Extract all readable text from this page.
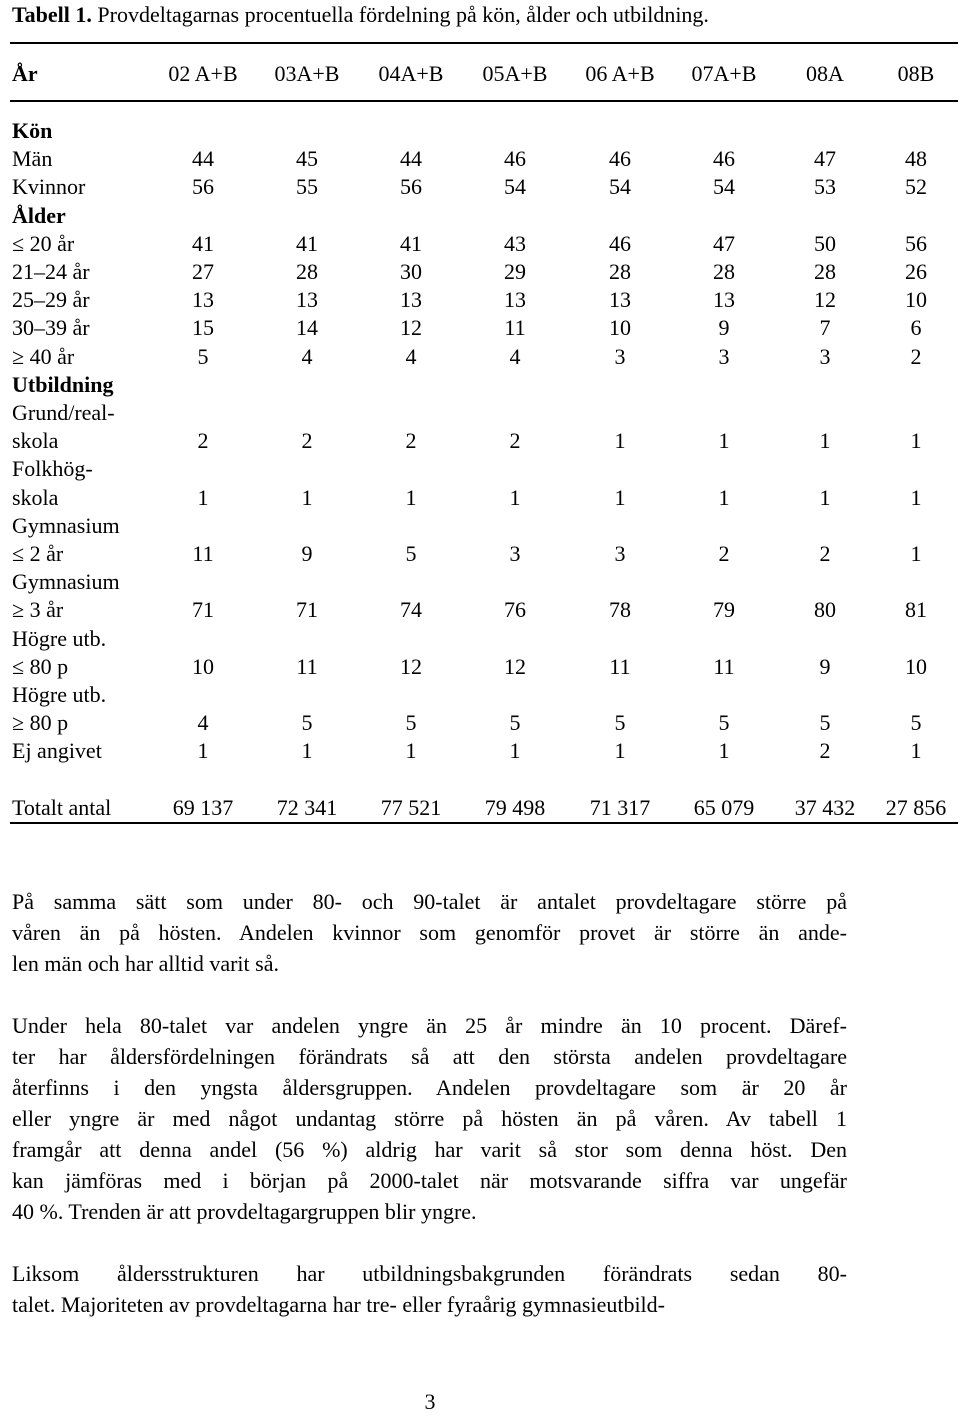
Tabell 1. Provdeltagarnas procentuella fördelning på kön, ålder och utbildning.
År	02 A+B	03A+B	04A+B	05A+B	06 A+B	07A+B	08A	08B
Kön
Män	44	45	44	46	46	46	47	48
Kvinnor	56	55	56	54	54	54	53	52
Ålder
≤ 20 år	41	41	41	43	46	47	50	56
21‒24 år	27	28	30	29	28	28	28	26
25‒29 år	13	13	13	13	13	13	12	10
30‒39 år	15	14	12	11	10	9	7	6
≥ 40 år	5	4	4	4	3	3	3	2
Utbildning
Grund/real-
skola	2	2	2	2	1	1	1	1
Folkhög-
skola	1	1	1	1	1	1	1	1
Gymnasium
≤ 2 år	11	9	5	3	3	2	2	1
Gymnasium
≥ 3 år	71	71	74	76	78	79	80	81
Högre utb.
≤ 80 p	10	11	12	12	11	11	9	10
Högre utb.
≥ 80 p	4	5	5	5	5	5	5	5
Ej angivet	1	1	1	1	1	1	2	1
Totalt antal	69 137	72 341	77 521	79 498	71 317	65 079	37 432	27 856
På samma sätt som under 80- och 90-talet är antalet provdeltagare större på
våren än på hösten. Andelen kvinnor som genomför provet är större än ande-
len män och har alltid varit så.
Under hela 80-talet var andelen yngre än 25 år mindre än 10 procent. Däref-
ter har åldersfördelningen förändrats så att den största andelen provdeltagare
återfinns i den yngsta åldersgruppen. Andelen provdeltagare som är 20 år
eller yngre är med något undantag större på hösten än på våren. Av tabell 1
framgår att denna andel (56 %) aldrig har varit så stor som denna höst. Den
kan jämföras med i början på 2000-talet när motsvarande siffra var ungefär
40 %. Trenden är att provdeltagargruppen blir yngre.
Liksom åldersstrukturen har utbildningsbakgrunden förändrats sedan 80-
talet. Majoriteten av provdeltagarna har tre- eller fyraårig gymnasieutbild-
3
